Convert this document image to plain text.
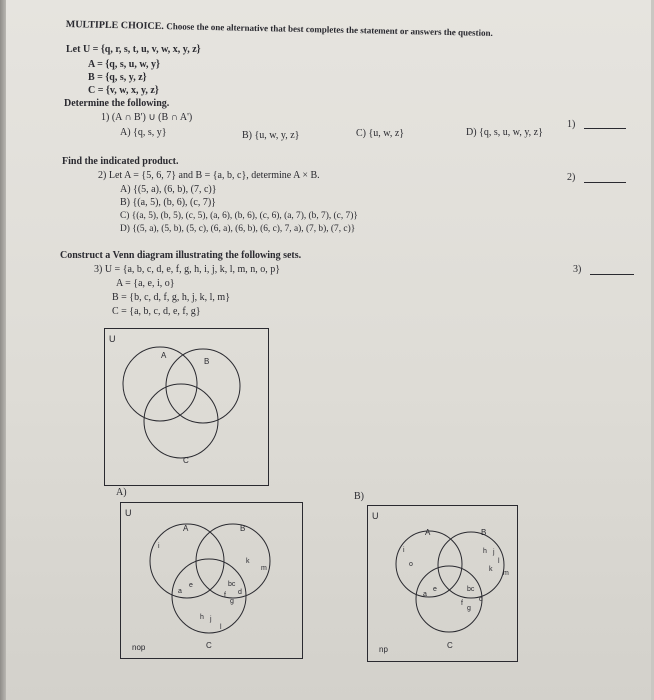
MULTIPLE CHOICE. Choose the one alternative that best completes the statement or answers the question.
Let U = {q, r, s, t, u, v, w, x, y, z}
A = {q, s, u, w, y}
B = {q, s, y, z}
C = {v, w, x, y, z}
Determine the following.
1) (A ∩ B') ∪ (B ∩ A')
A) {q, s, y}	B) {u, w, y, z}	C) {u, w, z}	D) {q, s, u, w, y, z}
1)
Find the indicated product.
2) Let A = {5, 6, 7} and B = {a, b, c}, determine A × B.
A) {(5, a), (6, b), (7, c)}
B) {(a, 5), (b, 6), (c, 7)}
C) {(a, 5), (b, 5), (c, 5), (a, 6), (b, 6), (c, 6), (a, 7), (b, 7), (c, 7)}
D) {(5, a), (5, b), (5, c), (6, a), (6, b), (6, c), 7, a), (7, b), (7, c)}
2)
Construct a Venn diagram illustrating the following sets.
3) U = {a, b, c, d, e, f, g, h, i, j, k, l, m, n, o, p}
A = {a, e, i, o}
B = {b, c, d, f, g, h, j, k, l, m}
C = {a, b, c, d, e, f, g}
3)
U
A
B
C
A)
U
A	B
C
i
a
e	bc
d
f
g
h j
l
k
m
nop
B)
U
A	B
C
i
o
a
e	bc
d
f
g
h j
l
k
m
np
